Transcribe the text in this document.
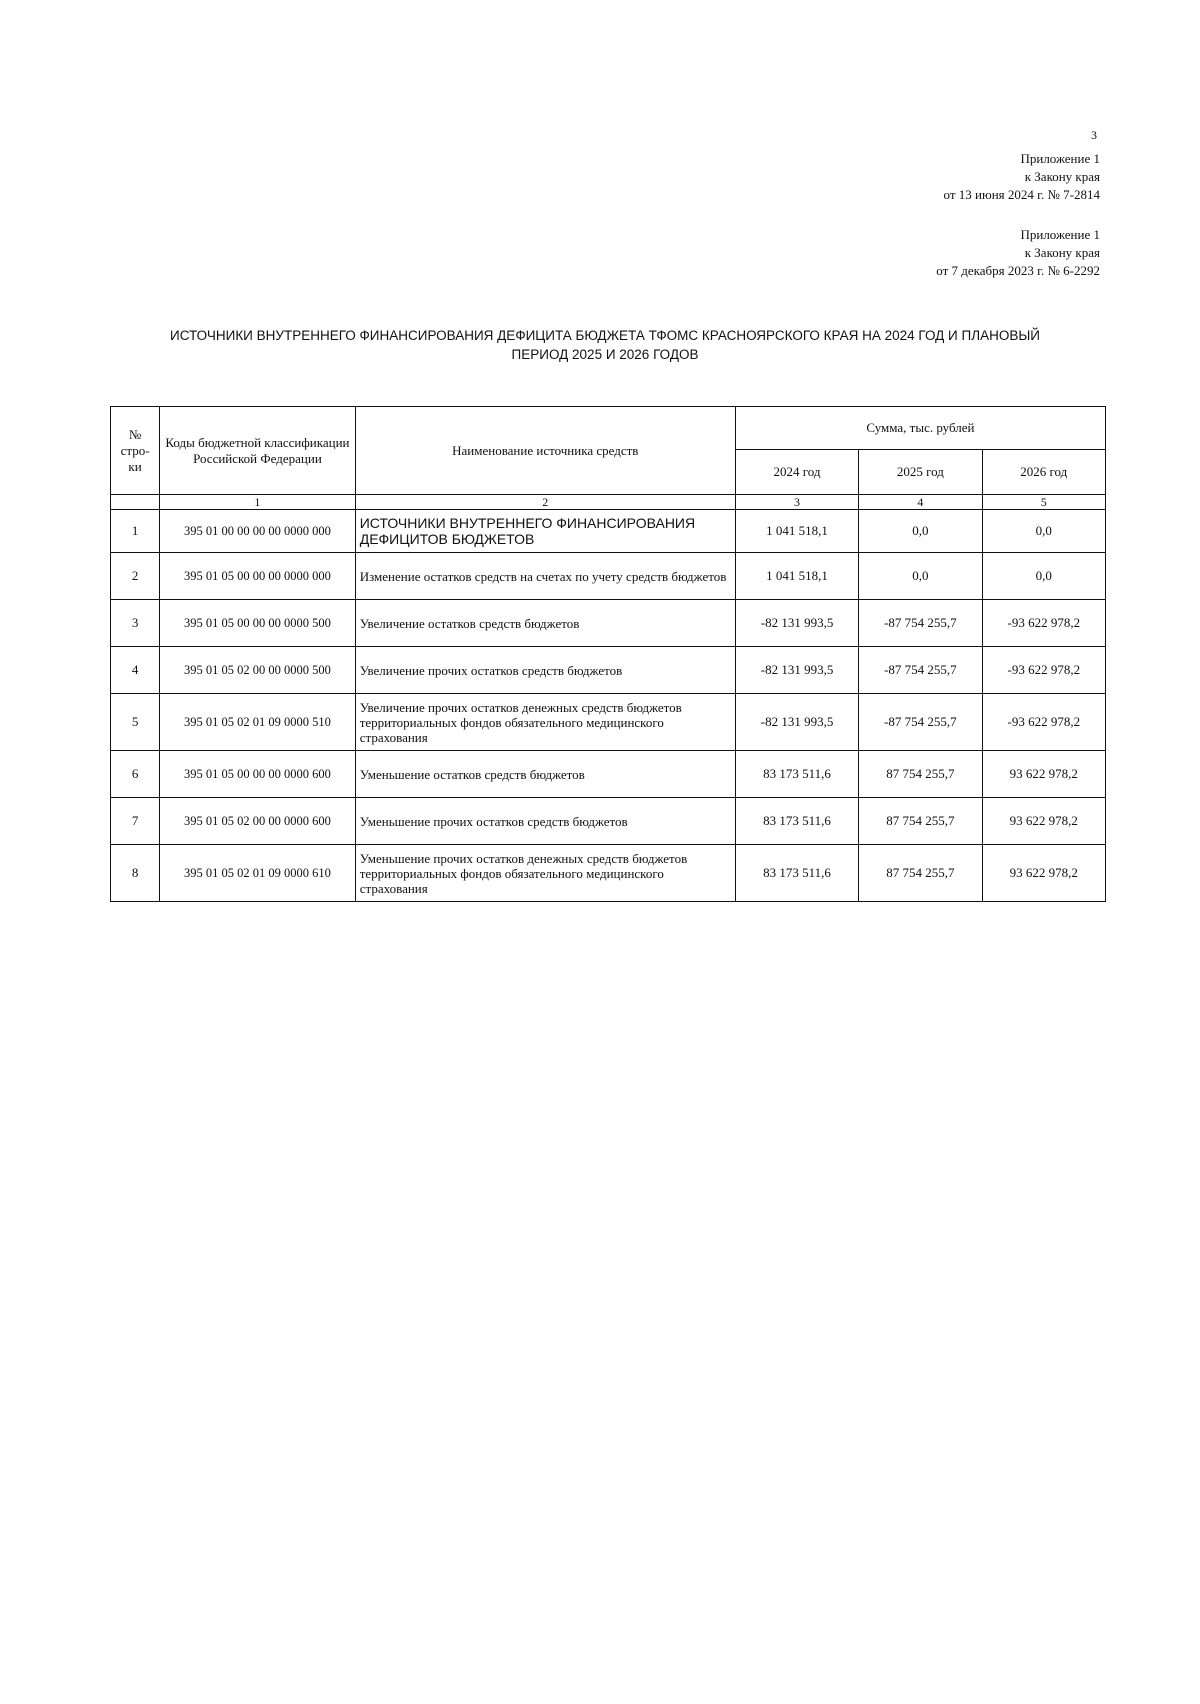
3
Приложение 1
к Закону края
от 13 июня 2024 г. № 7-2814
Приложение 1
к Закону края
от 7 декабря 2023 г. № 6-2292
ИСТОЧНИКИ ВНУТРЕННЕГО ФИНАНСИРОВАНИЯ ДЕФИЦИТА БЮДЖЕТА ТФОМС КРАСНОЯРСКОГО КРАЯ НА 2024 ГОД И ПЛАНОВЫЙ
ПЕРИОД 2025 И 2026 ГОДОВ
№ стро-ки	Коды бюджетной классификации Российской Федерации	Наименование источника средств	Сумма, тыс. рублей		
			2024 год	2025 год	2026 год
	1	2	3	4	5
1	395 01 00 00 00 00 0000 000	ИСТОЧНИКИ ВНУТРЕННЕГО ФИНАНСИРОВАНИЯ ДЕФИЦИТОВ БЮДЖЕТОВ	1 041 518,1	0,0	0,0
2	395 01 05 00 00 00 0000 000	Изменение остатков средств на счетах по учету средств бюджетов	1 041 518,1	0,0	0,0
3	395 01 05 00 00 00 0000 500	Увеличение остатков средств бюджетов	-82 131 993,5	-87 754 255,7	-93 622 978,2
4	395 01 05 02 00 00 0000 500	Увеличение прочих остатков средств бюджетов	-82 131 993,5	-87 754 255,7	-93 622 978,2
5	395 01 05 02 01 09 0000 510	Увеличение прочих остатков денежных средств бюджетов территориальных фондов обязательного медицинского страхования	-82 131 993,5	-87 754 255,7	-93 622 978,2
6	395 01 05 00 00 00 0000 600	Уменьшение остатков средств бюджетов	83 173 511,6	87 754 255,7	93 622 978,2
7	395 01 05 02 00 00 0000 600	Уменьшение прочих остатков средств бюджетов	83 173 511,6	87 754 255,7	93 622 978,2
8	395 01 05 02 01 09 0000 610	Уменьшение прочих остатков денежных средств бюджетов территориальных фондов обязательного медицинского страхования	83 173 511,6	87 754 255,7	93 622 978,2
